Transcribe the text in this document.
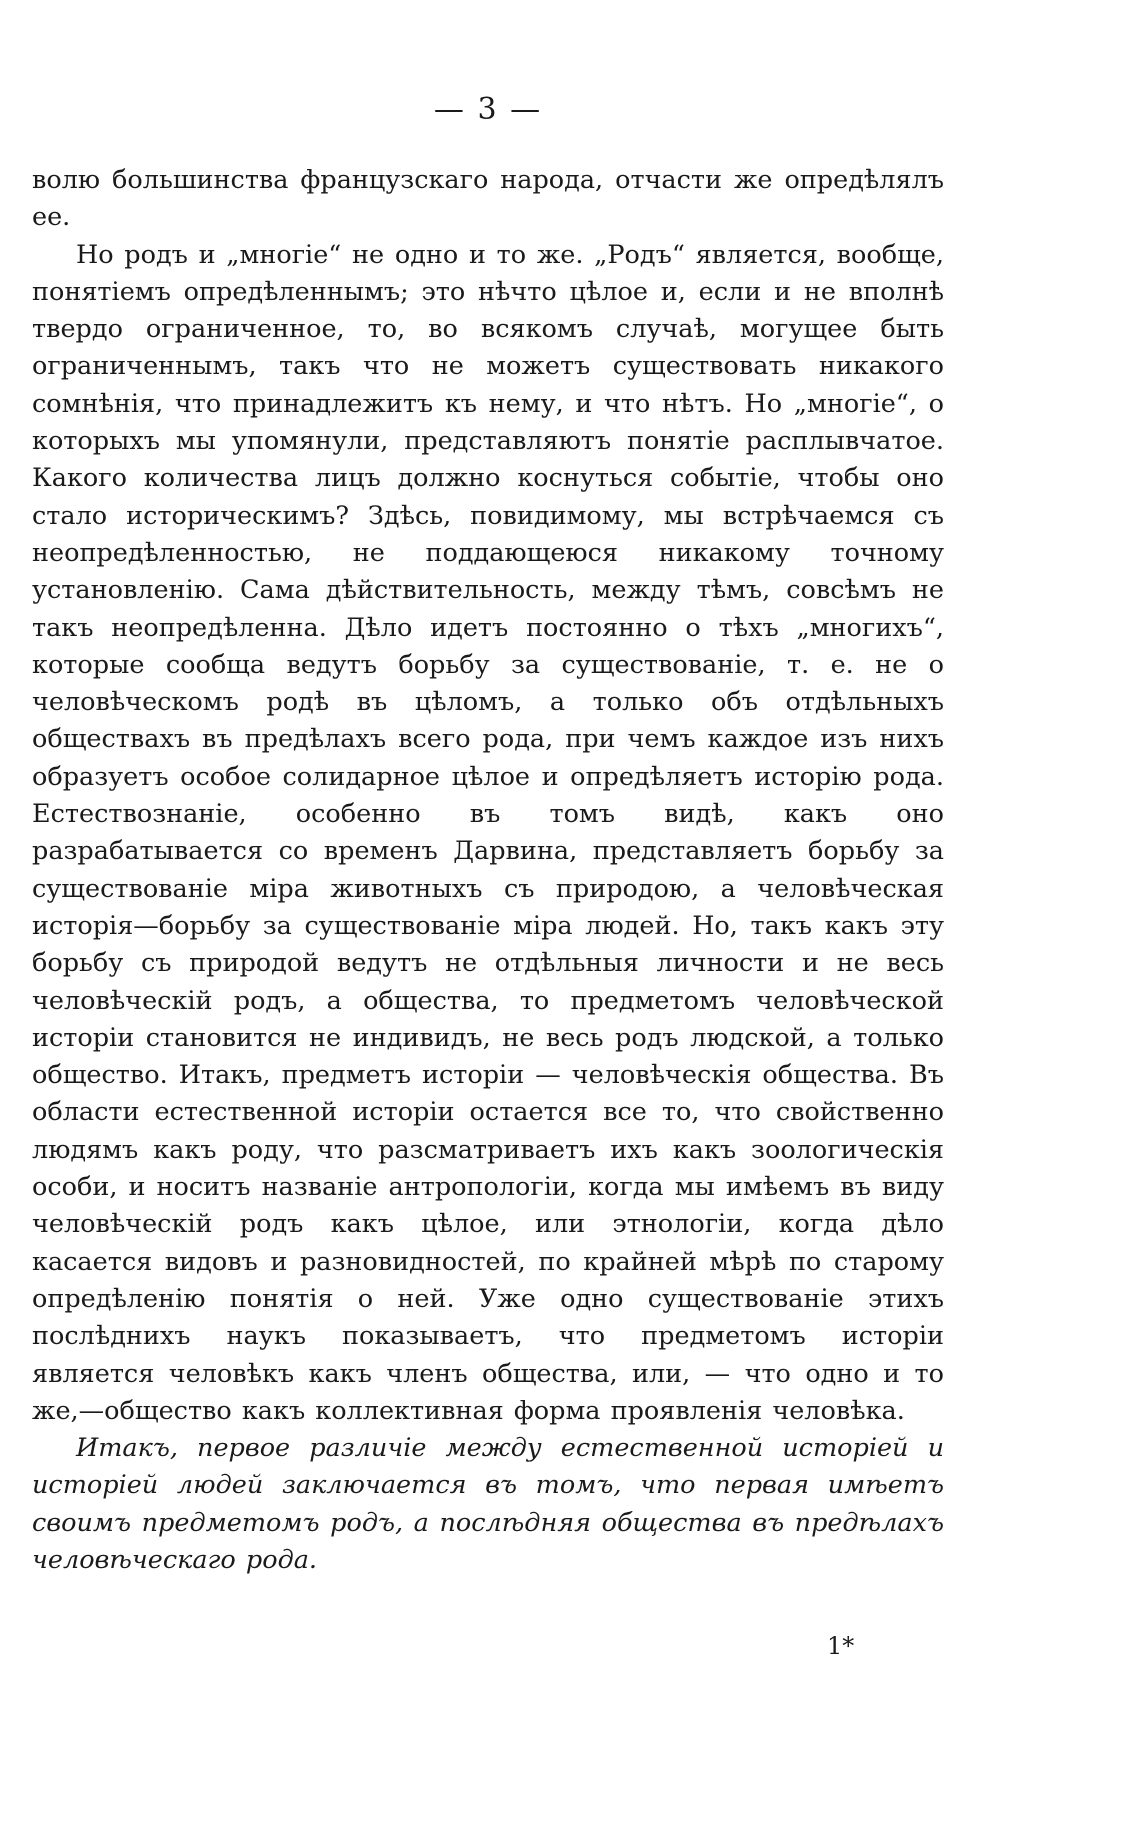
— 3 —

волю большинства французскаго народа, отчасти же опредѣлялъ ее.

Но родъ и „многіе“ не одно и то же. „Родъ“ является, вообще, понятіемъ опредѣленнымъ; это нѣчто цѣлое и, если и не вполнѣ твердо ограниченное, то, во всякомъ случаѣ, могущее быть ограниченнымъ, такъ что не можетъ существовать никакого сомнѣнія, что принадлежитъ къ нему, и что нѣтъ. Но „многіе“, о которыхъ мы упомянули, представляютъ понятіе расплывчатое. Какого количества лицъ должно коснуться событіе, чтобы оно стало историческимъ? Здѣсь, повидимому, мы встрѣчаемся съ неопредѣленностью, не поддающеюся никакому точному установленію. Сама дѣйствительность, между тѣмъ, совсѣмъ не такъ неопредѣленна. Дѣло идетъ постоянно о тѣхъ „многихъ“, которые сообща ведутъ борьбу за существованіе, т. е. не о человѣческомъ родѣ въ цѣломъ, а только объ отдѣльныхъ обществахъ въ предѣлахъ всего рода, при чемъ каждое изъ нихъ образуетъ особое солидарное цѣлое и опредѣляетъ исторію рода. Естествознаніе, особенно въ томъ видѣ, какъ оно разрабатывается со временъ Дарвина, представляетъ борьбу за существованіе міра животныхъ съ природою, а человѣческая исторія—борьбу за существованіе міра людей. Но, такъ какъ эту борьбу съ природой ведутъ не отдѣльныя личности и не весь человѣческій родъ, а общества, то предметомъ человѣческой исторіи становится не индивидъ, не весь родъ людской, а только общество. Итакъ, предметъ исторіи — человѣческія общества. Въ области естественной исторіи остается все то, что свойственно людямъ какъ роду, что разсматриваетъ ихъ какъ зоологическія особи, и носитъ названіе антропологіи, когда мы имѣемъ въ виду человѣческій родъ какъ цѣлое, или этнологіи, когда дѣло касается видовъ и разновидностей, по крайней мѣрѣ по старому опредѣленію понятія о ней. Уже одно существованіе этихъ послѣднихъ наукъ показываетъ, что предметомъ исторіи является человѣкъ какъ членъ общества, или, — что одно и то же,—общество какъ коллективная форма проявленія человѣка.

Итакъ, первое различіе между естественной исторіей и исторіей людей заключается въ томъ, что первая имѣетъ своимъ предметомъ родъ, а послѣдняя общества въ предѣлахъ человѣческаго рода.

1*
